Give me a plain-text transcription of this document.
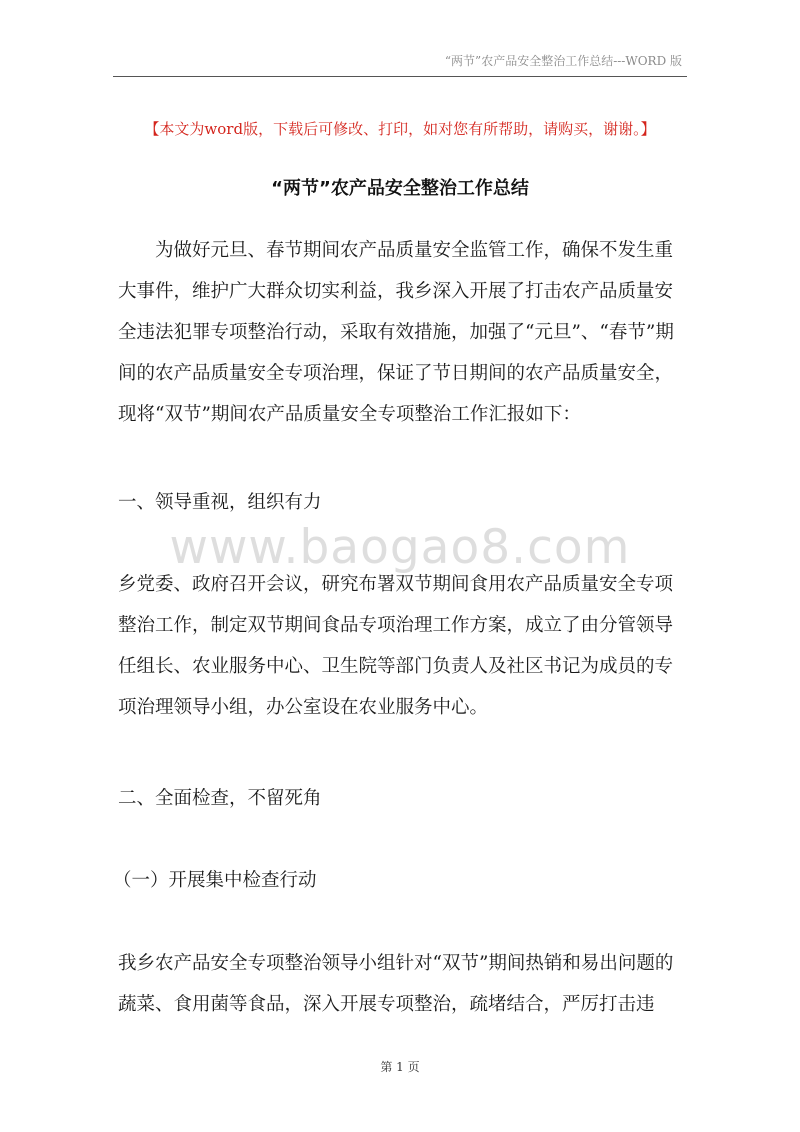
“两节”农产品安全整治工作总结---WORD 版
【本文为word版，下载后可修改、打印，如对您有所帮助，请购买，谢谢。】
“两节”农产品安全整治工作总结

为做好元旦、春节期间农产品质量安全监管工作，确保不发生重大事件，维护广大群众切实利益，我乡深入开展了打击农产品质量安全违法犯罪专项整治行动，采取有效措施，加强了“元旦”、“春节”期间的农产品质量安全专项治理，保证了节日期间的农产品质量安全，现将“双节”期间农产品质量安全专项整治工作汇报如下：

一、领导重视，组织有力

www.baogao8.com

乡党委、政府召开会议，研究布署双节期间食用农产品质量安全专项整治工作，制定双节期间食品专项治理工作方案，成立了由分管领导任组长、农业服务中心、卫生院等部门负责人及社区书记为成员的专项治理领导小组，办公室设在农业服务中心。

二、全面检查，不留死角

（一）开展集中检查行动

我乡农产品安全专项整治领导小组针对“双节”期间热销和易出问题的蔬菜、食用菌等食品，深入开展专项整治，疏堵结合，严厉打击违

第 1 页
